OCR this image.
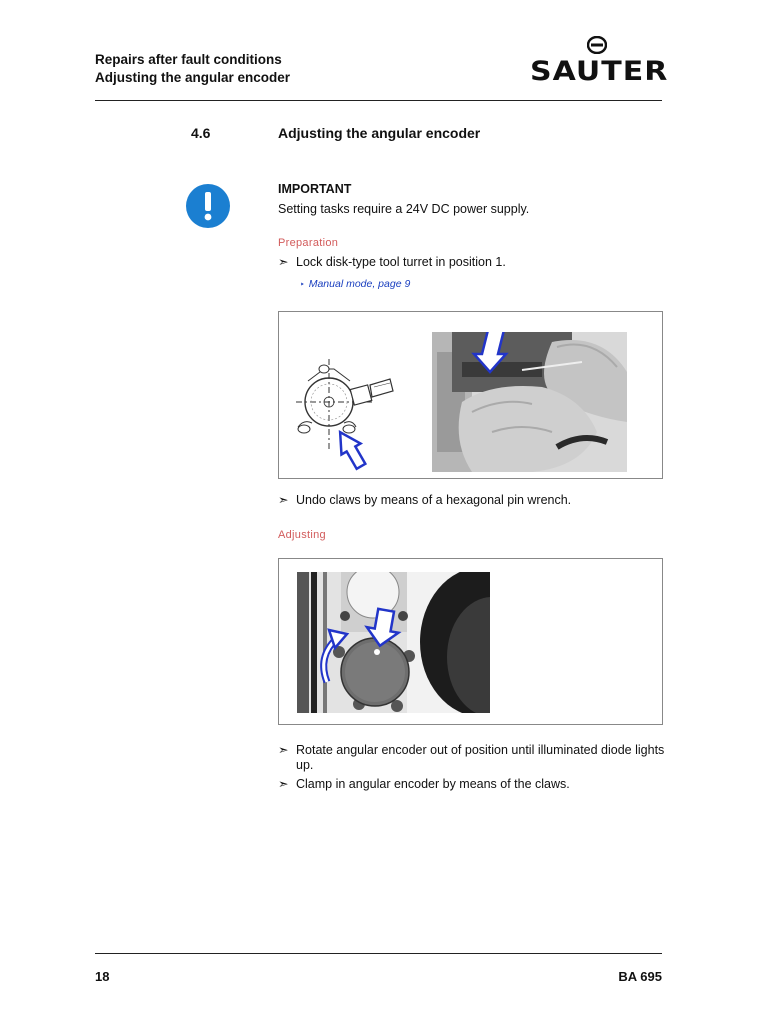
Repairs after fault conditions
Adjusting the angular encoder	SAUTER
4.6	Adjusting the angular encoder
IMPORTANT
Setting tasks require a 24V DC power supply.
Preparation
➣ Lock disk-type tool turret in position 1.
‣ Manual mode, page 9
➣ Undo claws by means of a hexagonal pin wrench.
Adjusting
➣ Rotate angular encoder out of position until illuminated diode lights up.
➣ Clamp in angular encoder by means of the claws.
18	BA 695
